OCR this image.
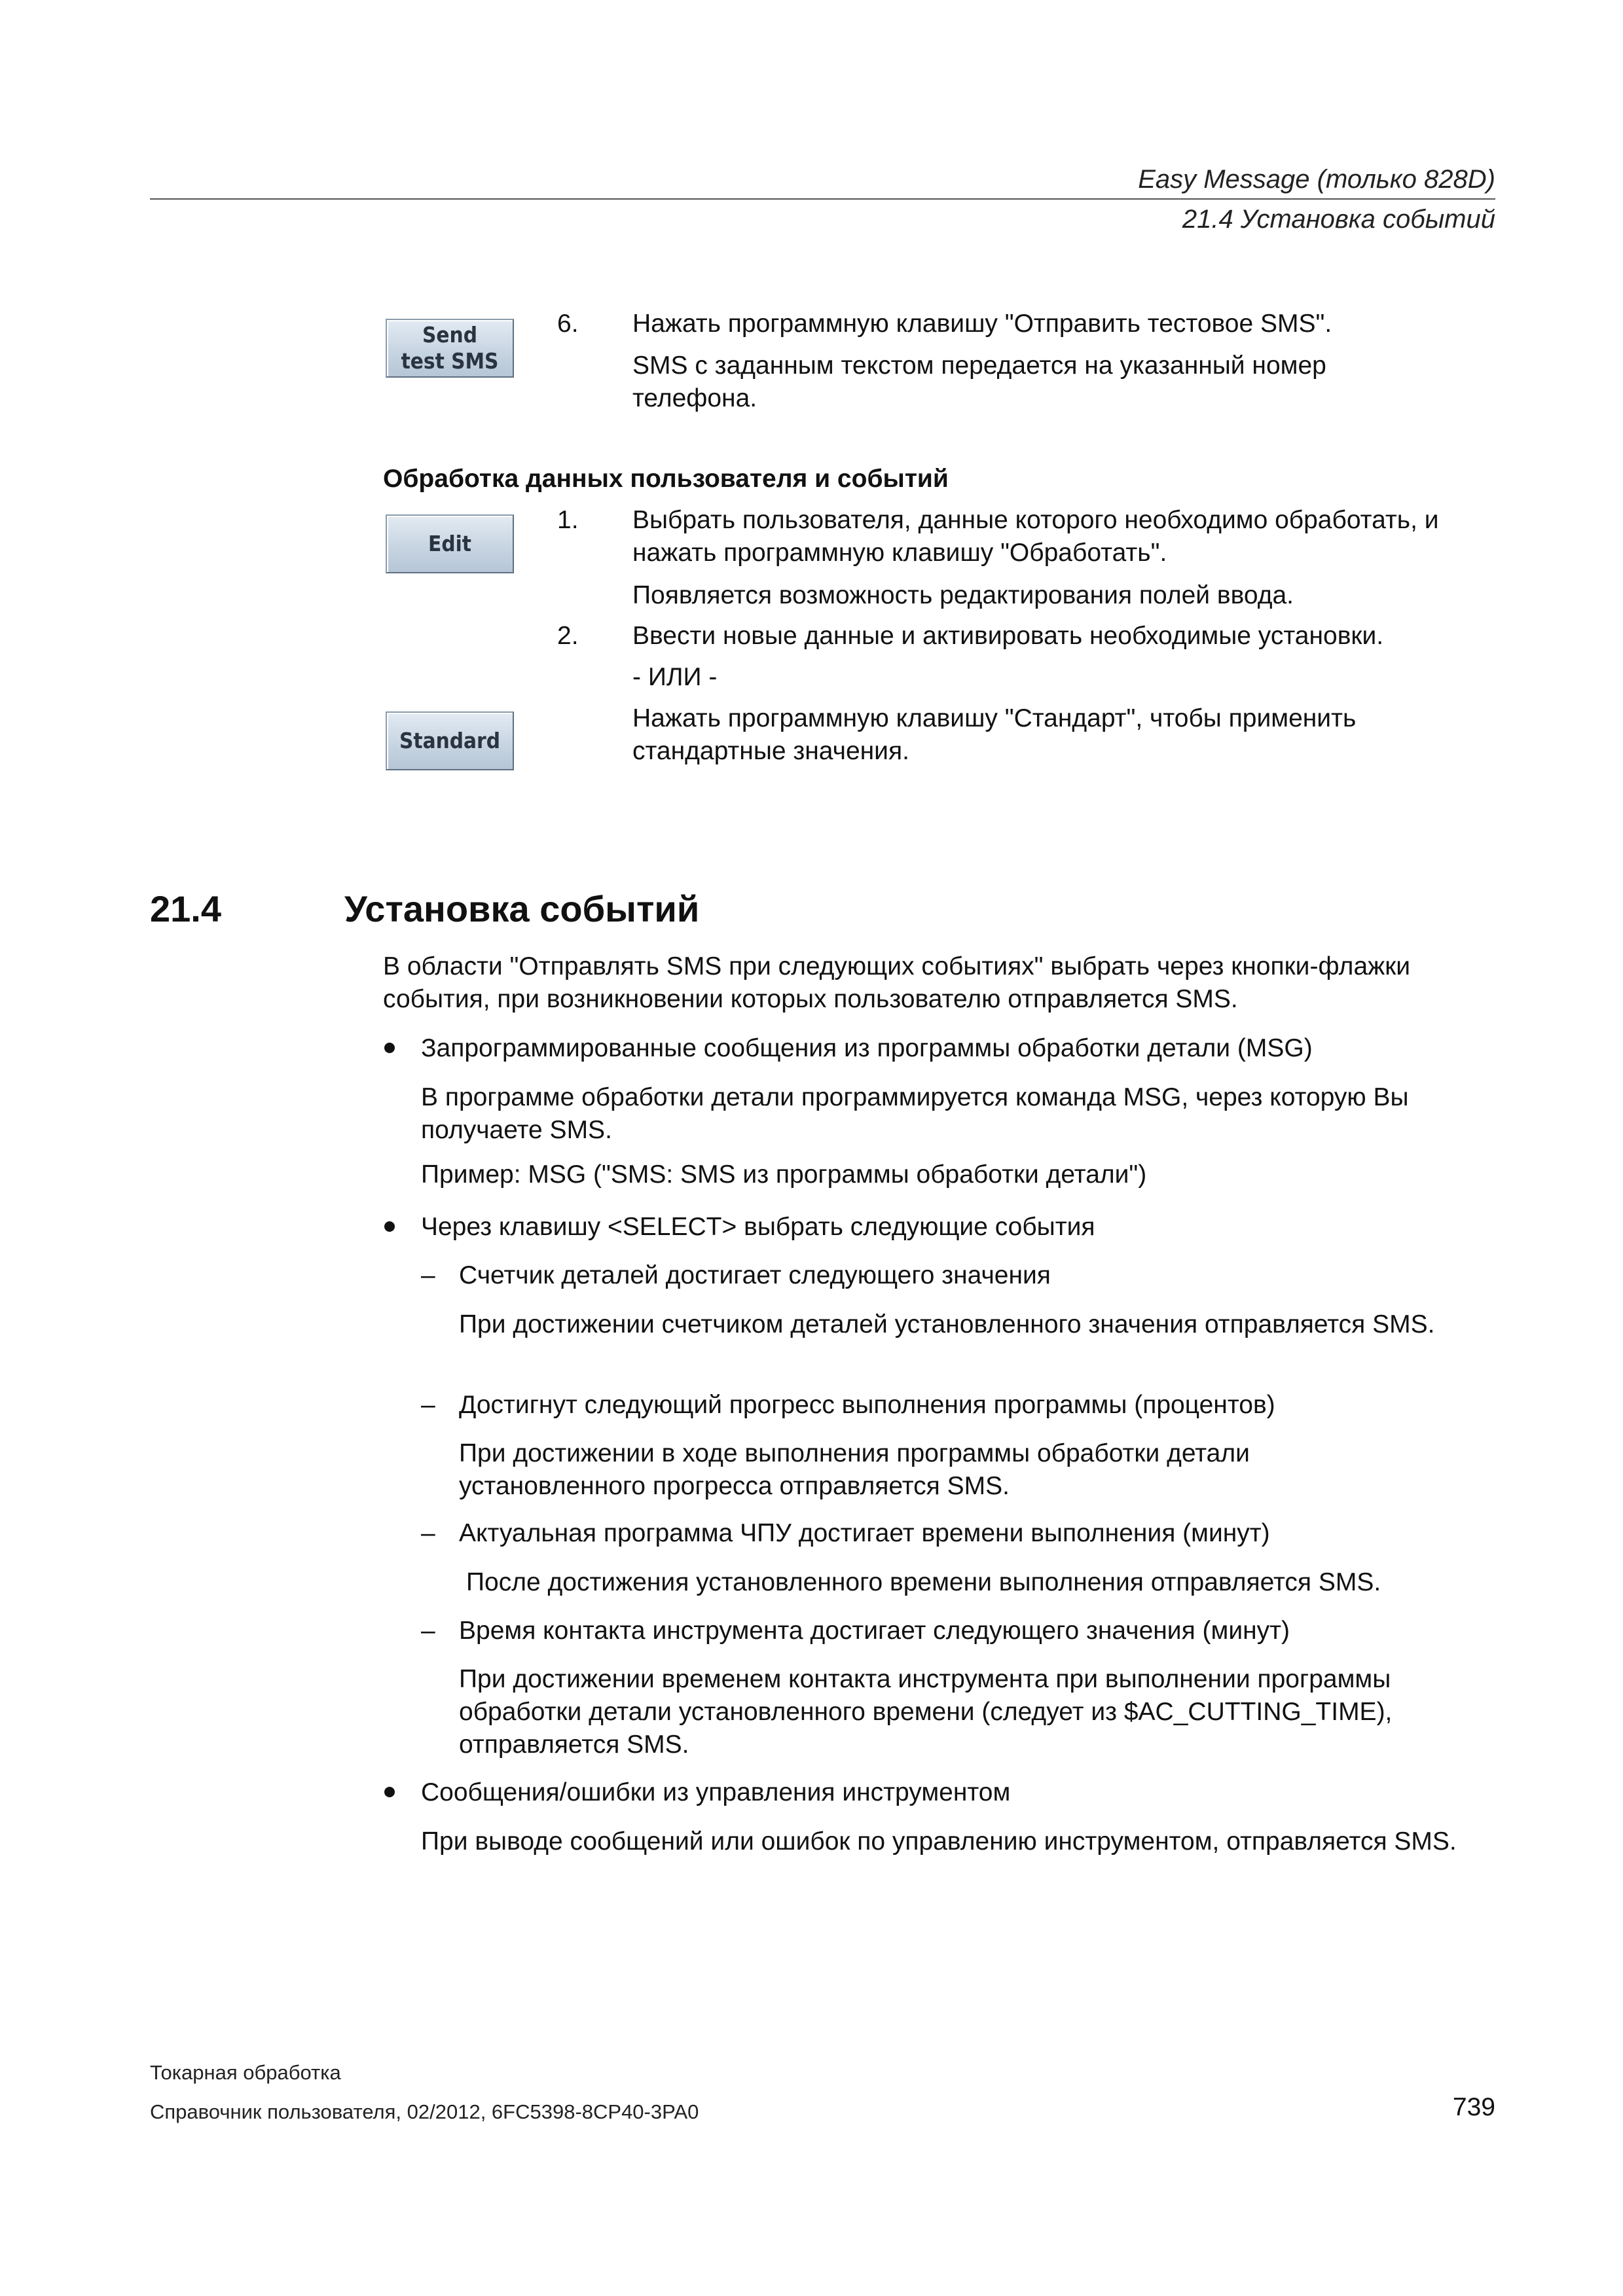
Easy Message (только 828D)
21.4 Установка событий
Send
test SMS
6. Нажать программную клавишу "Отправить тестовое SMS".
SMS с заданным текстом передается на указанный номер телефона.
Обработка данных пользователя и событий
Edit
1. Выбрать пользователя, данные которого необходимо обработать, и нажать программную клавишу "Обработать".
Появляется возможность редактирования полей ввода.
2. Ввести новые данные и активировать необходимые установки.
- ИЛИ -
Standard
Нажать программную клавишу "Стандарт", чтобы применить стандартные значения.
21.4	Установка событий
В области "Отправлять SMS при следующих событиях" выбрать через кнопки-флажки события, при возникновении которых пользователю отправляется SMS.
Запрограммированные сообщения из программы обработки детали (MSG)
В программе обработки детали программируется команда MSG, через которую Вы получаете SMS.
Пример: MSG ("SMS: SMS из программы обработки детали")
Через клавишу <SELECT> выбрать следующие события
– Счетчик деталей достигает следующего значения
При достижении счетчиком деталей установленного значения отправляется SMS.
– Достигнут следующий прогресс выполнения программы (процентов)
При достижении в ходе выполнения программы обработки детали установленного прогресса отправляется SMS.
– Актуальная программа ЧПУ достигает времени выполнения (минут)
После достижения установленного времени выполнения отправляется SMS.
– Время контакта инструмента достигает следующего значения (минут)
При достижении временем контакта инструмента при выполнении программы обработки детали установленного времени (следует из $AC_CUTTING_TIME), отправляется SMS.
Сообщения/ошибки из управления инструментом
При выводе сообщений или ошибок по управлению инструментом, отправляется SMS.
Токарная обработка
Справочник пользователя, 02/2012, 6FC5398-8CP40-3PA0	739
